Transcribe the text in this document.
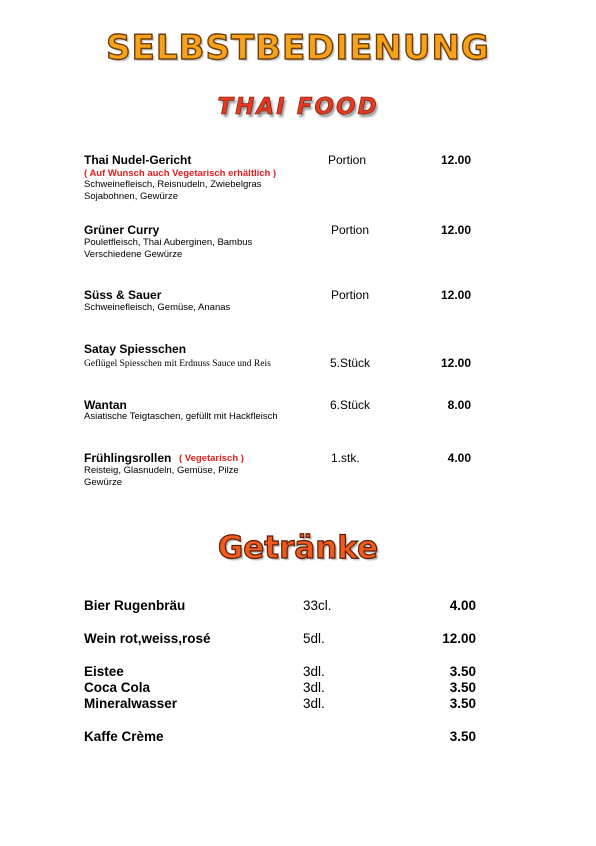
SELBSTBEDIENUNG
THAI FOOD
Thai Nudel-Gericht
( Auf Wunsch auch Vegetarisch erhältlich )
Schweinefleisch, Reisnudeln, Zwiebelgras
Sojabohnen, Gewürze
Portion	12.00
Grüner Curry
Pouletfleisch, Thai Auberginen, Bambus
Verschiedene Gewürze
Portion	12.00
Süss & Sauer
Schweinefleisch, Gemüse, Ananas
Portion	12.00
Satay Spiesschen
Geflügel Spiesschen mit Erdnuss Sauce und Reis	5.Stück	12.00
Wantan
Asiatische Teigtaschen, gefüllt mit Hackfleisch
6.Stück	8.00
Frühlingsrollen ( Vegetarisch )
Reisteig, Glasnudeln, Gemüse, Pilze
Gewürze
1.stk.	4.00
Getränke
Bier Rugenbräu	33cl.	4.00
Wein rot,weiss,rosé	5dl.	12.00
Eistee	3dl.	3.50
Coca Cola	3dl.	3.50
Mineralwasser	3dl.	3.50
Kaffe Crème	3.50
